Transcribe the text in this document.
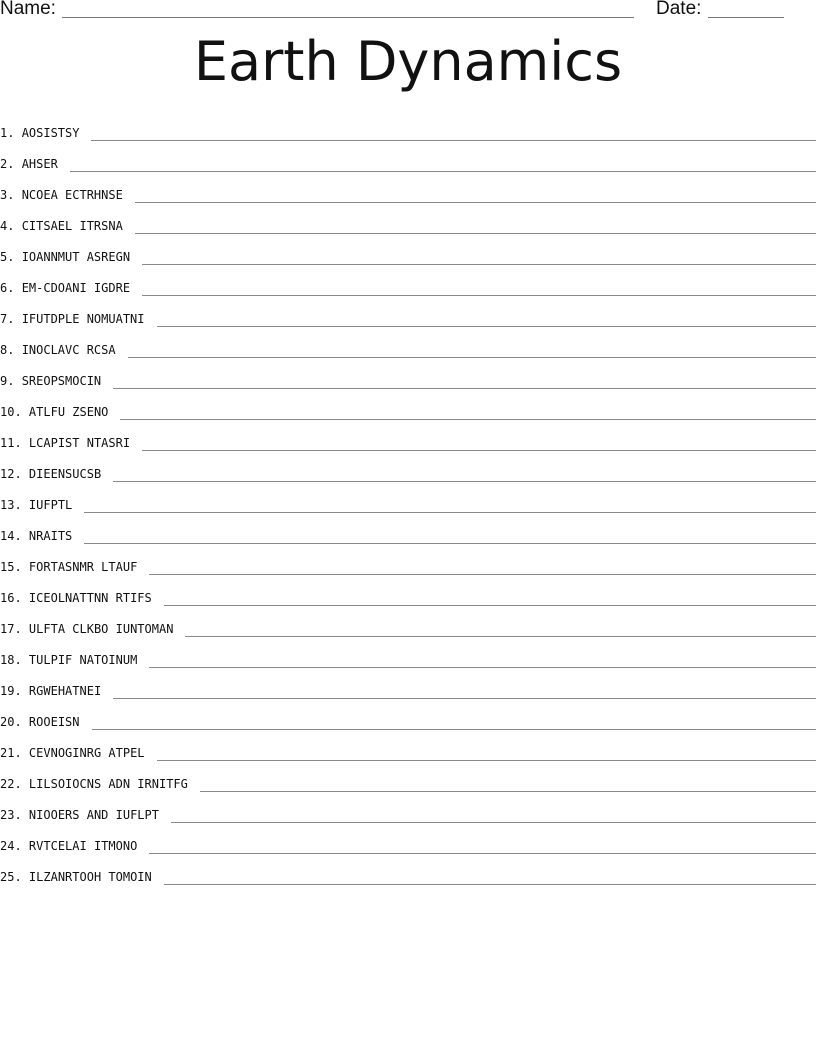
Name:	Date:
Earth Dynamics
1. AOSISTSY
2. AHSER
3. NCOEA ECTRHNSE
4. CITSAEL ITRSNA
5. IOANNMUT ASREGN
6. EM-CDOANI IGDRE
7. IFUTDPLE NOMUATNI
8. INOCLAVC RCSA
9. SREOPSMOCIN
10. ATLFU ZSENO
11. LCAPIST NTASRI
12. DIEENSUCSB
13. IUFPTL
14. NRAITS
15. FORTASNMR LTAUF
16. ICEOLNATTNN RTIFS
17. ULFTA CLKBO IUNTOMAN
18. TULPIF NATOINUM
19. RGWEHATNEI
20. ROOEISN
21. CEVNOGINRG ATPEL
22. LILSOIOCNS ADN IRNITFG
23. NIOOERS AND IUFLPT
24. RVTCELAI ITMONO
25. ILZANRTOOH TOMOIN
